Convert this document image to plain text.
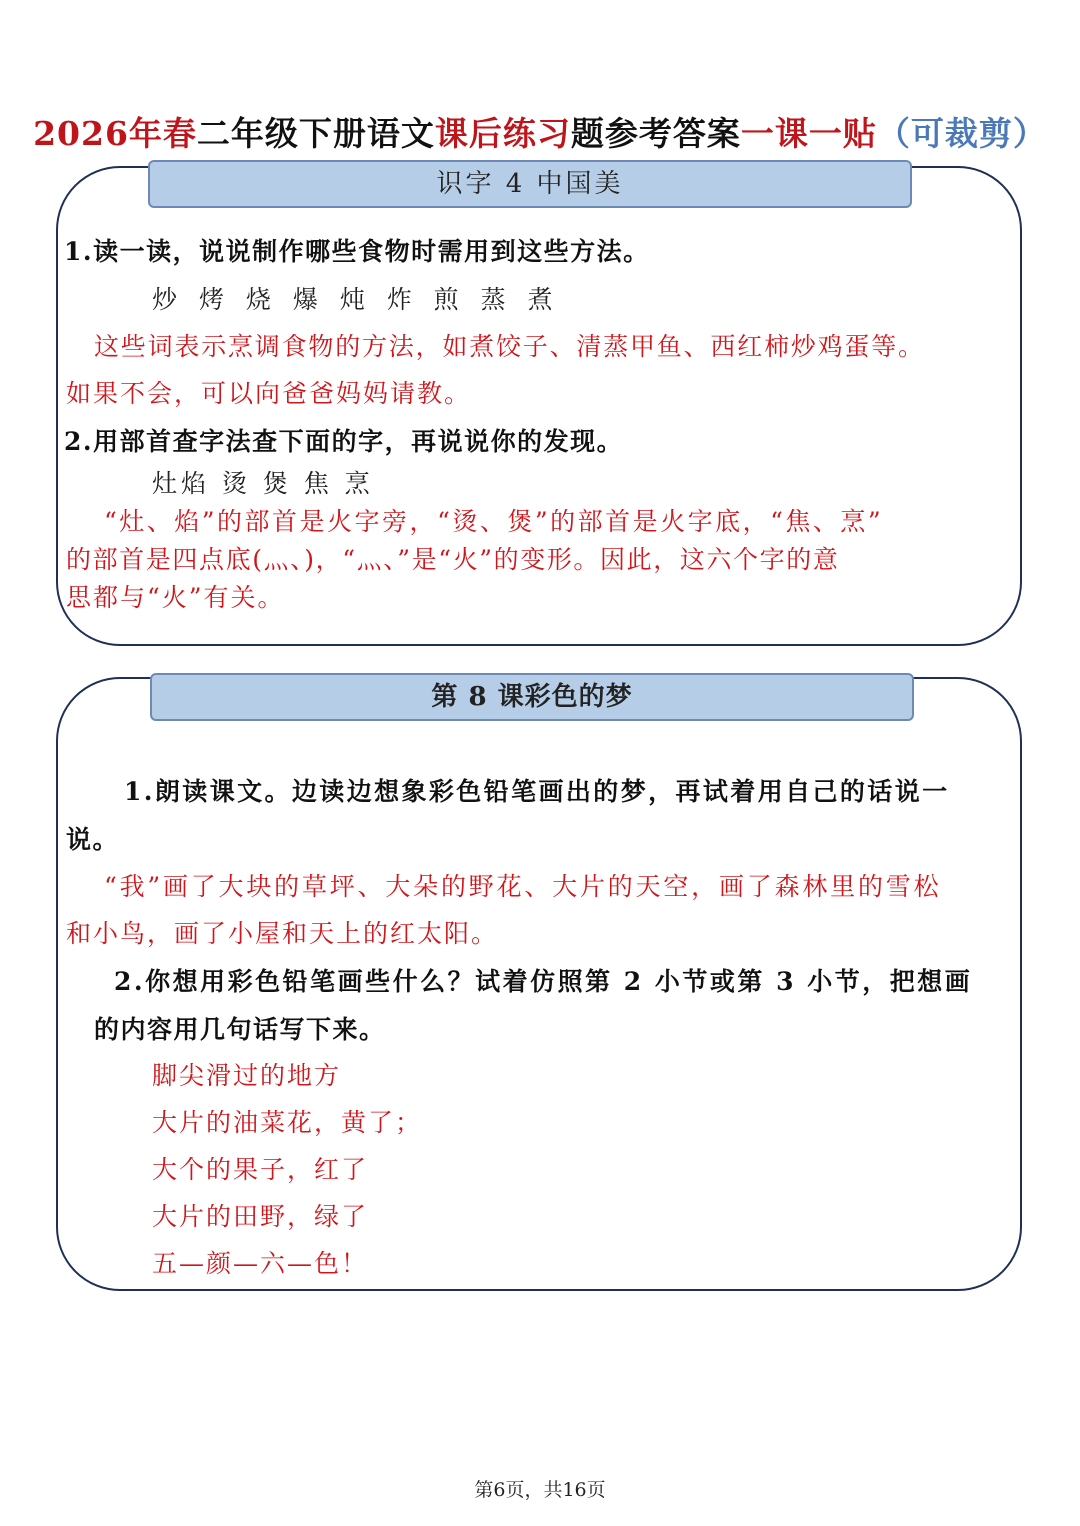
2026年春二年级下册语文课后练习题参考答案一课一贴（可裁剪）
识字 4 中国美
1.读一读，说说制作哪些食物时需用到这些方法。
炒 烤 烧 爆 炖 炸 煎 蒸 煮
这些词表示烹调食物的方法，如煮饺子、清蒸甲鱼、西红柿炒鸡蛋等。
如果不会，可以向爸爸妈妈请教。
2.用部首查字法查下面的字，再说说你的发现。
灶焰 烫 煲 焦 烹
“灶、焰”的部首是火字旁，“烫、煲”的部首是火字底，“焦、烹”
的部首是四点底(灬、)，“灬、”是“火”的变形。因此，这六个字的意
思都与“火”有关。
第 8 课彩色的梦
1.朗读课文。边读边想象彩色铅笔画出的梦，再试着用自己的话说一
说。
“我”画了大块的草坪、大朵的野花、大片的天空，画了森林里的雪松
和小鸟，画了小屋和天上的红太阳。
2.你想用彩色铅笔画些什么？试着仿照第 2 小节或第 3 小节，把想画
的内容用几句话写下来。
脚尖滑过的地方
大片的油菜花，黄了；
大个的果子，红了
大片的田野，绿了
五—颜—六—色！
第6页，共16页
